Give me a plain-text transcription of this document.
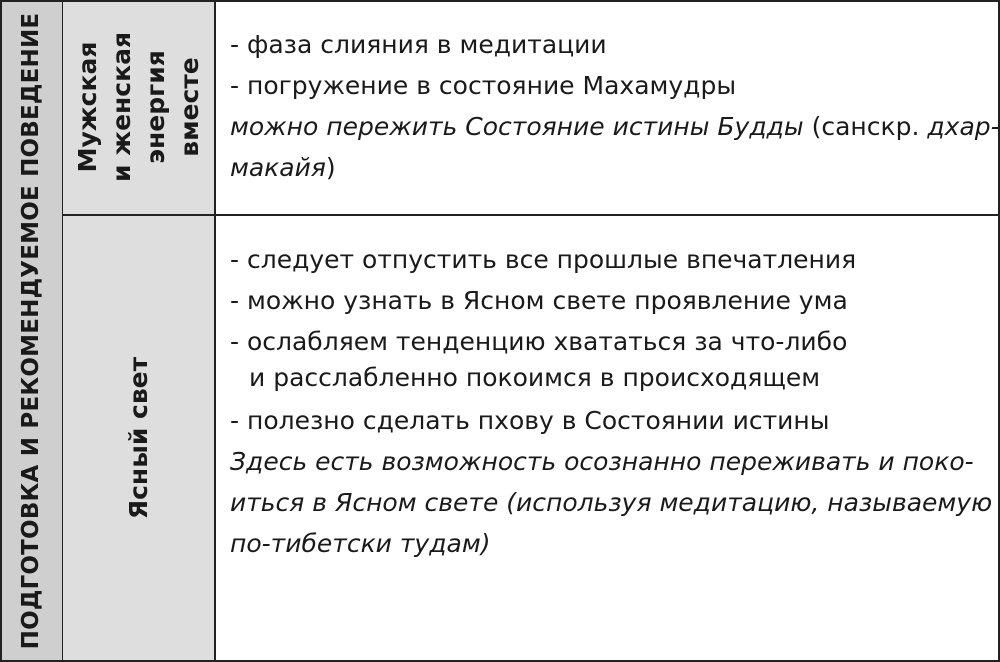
ПОДГОТОВКА И РЕКОМЕНДУЕМОЕ ПОВЕДЕНИЕ Мужская и женская энергия вместе
Ясный свет
- фаза слияния в медитации
- погружение в состояние Махамудры
можно пережить Состояние истины Будды (санскр. дхар-
макайя)
- следует отпустить все прошлые впечатления
- можно узнать в Ясном свете проявление ума
- ослабляем тенденцию хвататься за что-либо
и расслабленно покоимся в происходящем
- полезно сделать пхову в Состоянии истины
Здесь есть возможность осознанно переживать и поко-
иться в Ясном свете (используя медитацию, называемую
по-тибетски тудам)
